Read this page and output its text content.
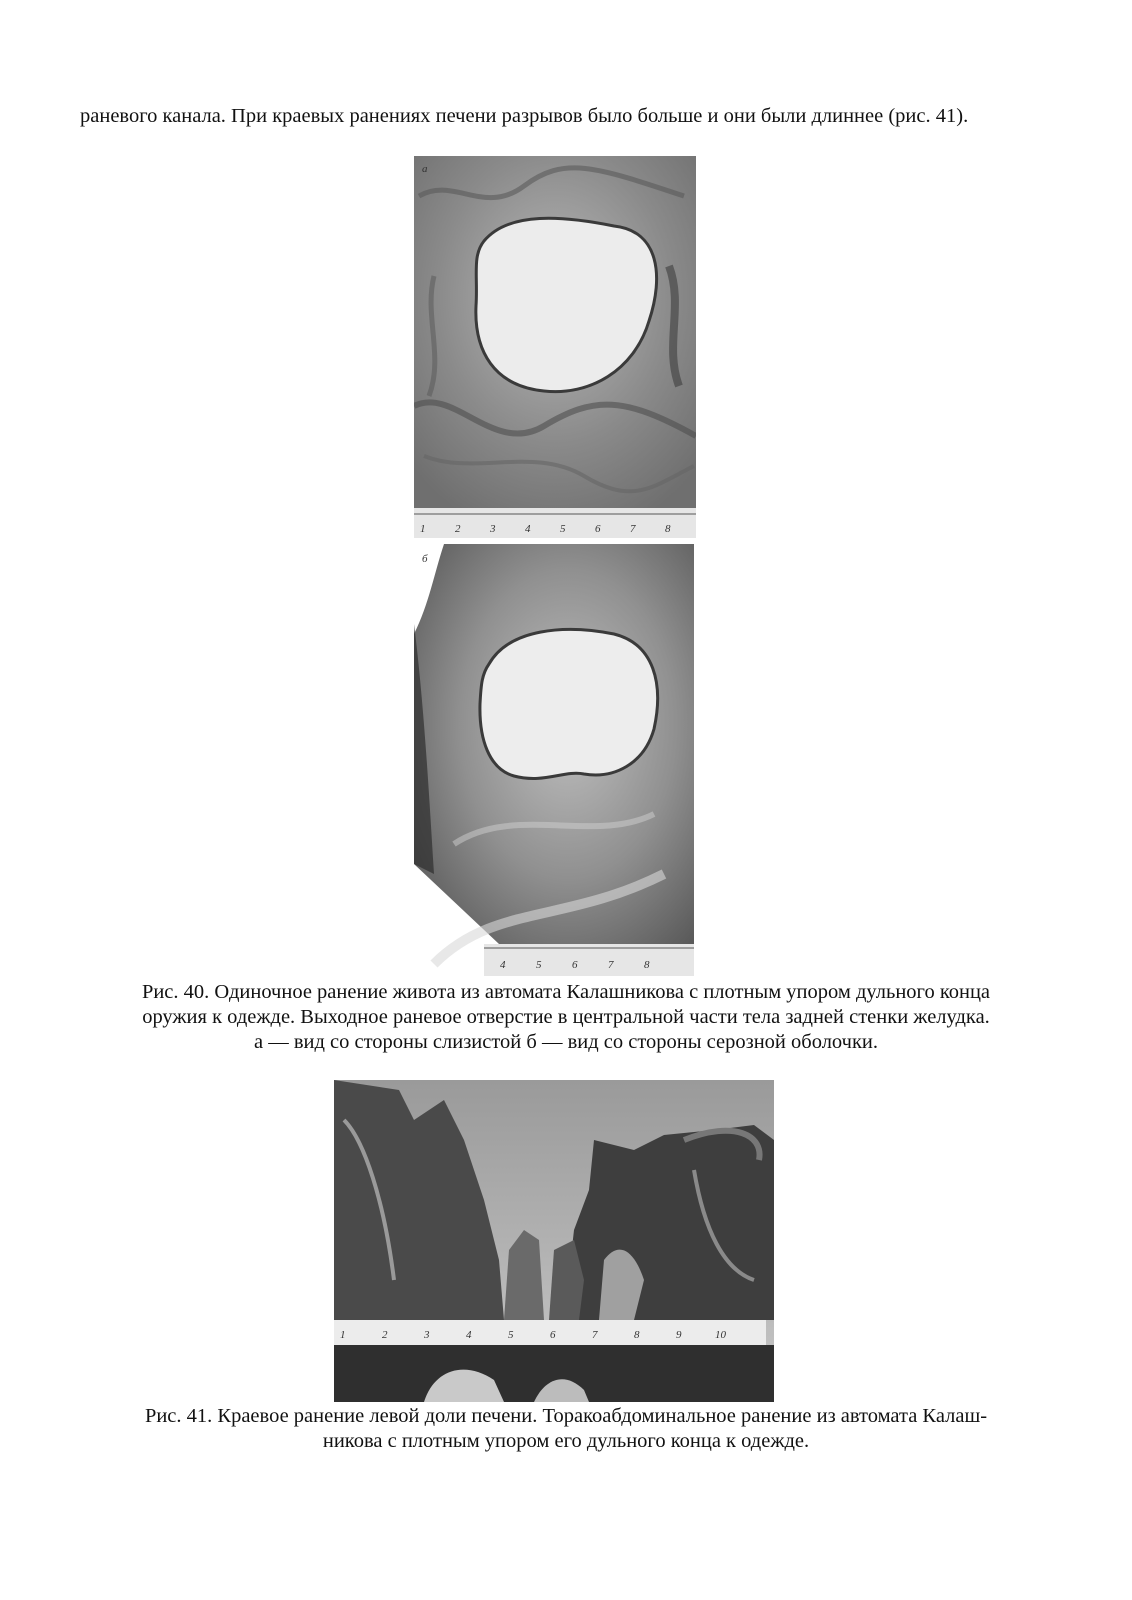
раневого канала. При краевых ранениях печени разрывов было больше и они были длиннее (рис. 41).

а
1	2	3	4	5	6	7	8
б
4	5	6	7	8
Рис. 40. Одиночное ранение живота из автомата Калашникова с плотным упором дульного конца
оружия к одежде. Выходное раневое отверстие в центральной части тела задней стенки желудка.
а — вид со стороны слизистой б — вид со стороны серозной оболочки.
1	2	3	4	5	6	7	8	9	10
Рис. 41. Краевое ранение левой доли печени. Торакоабдоминальное ранение из автомата Калаш-
никова с плотным упором его дульного конца к одежде.
